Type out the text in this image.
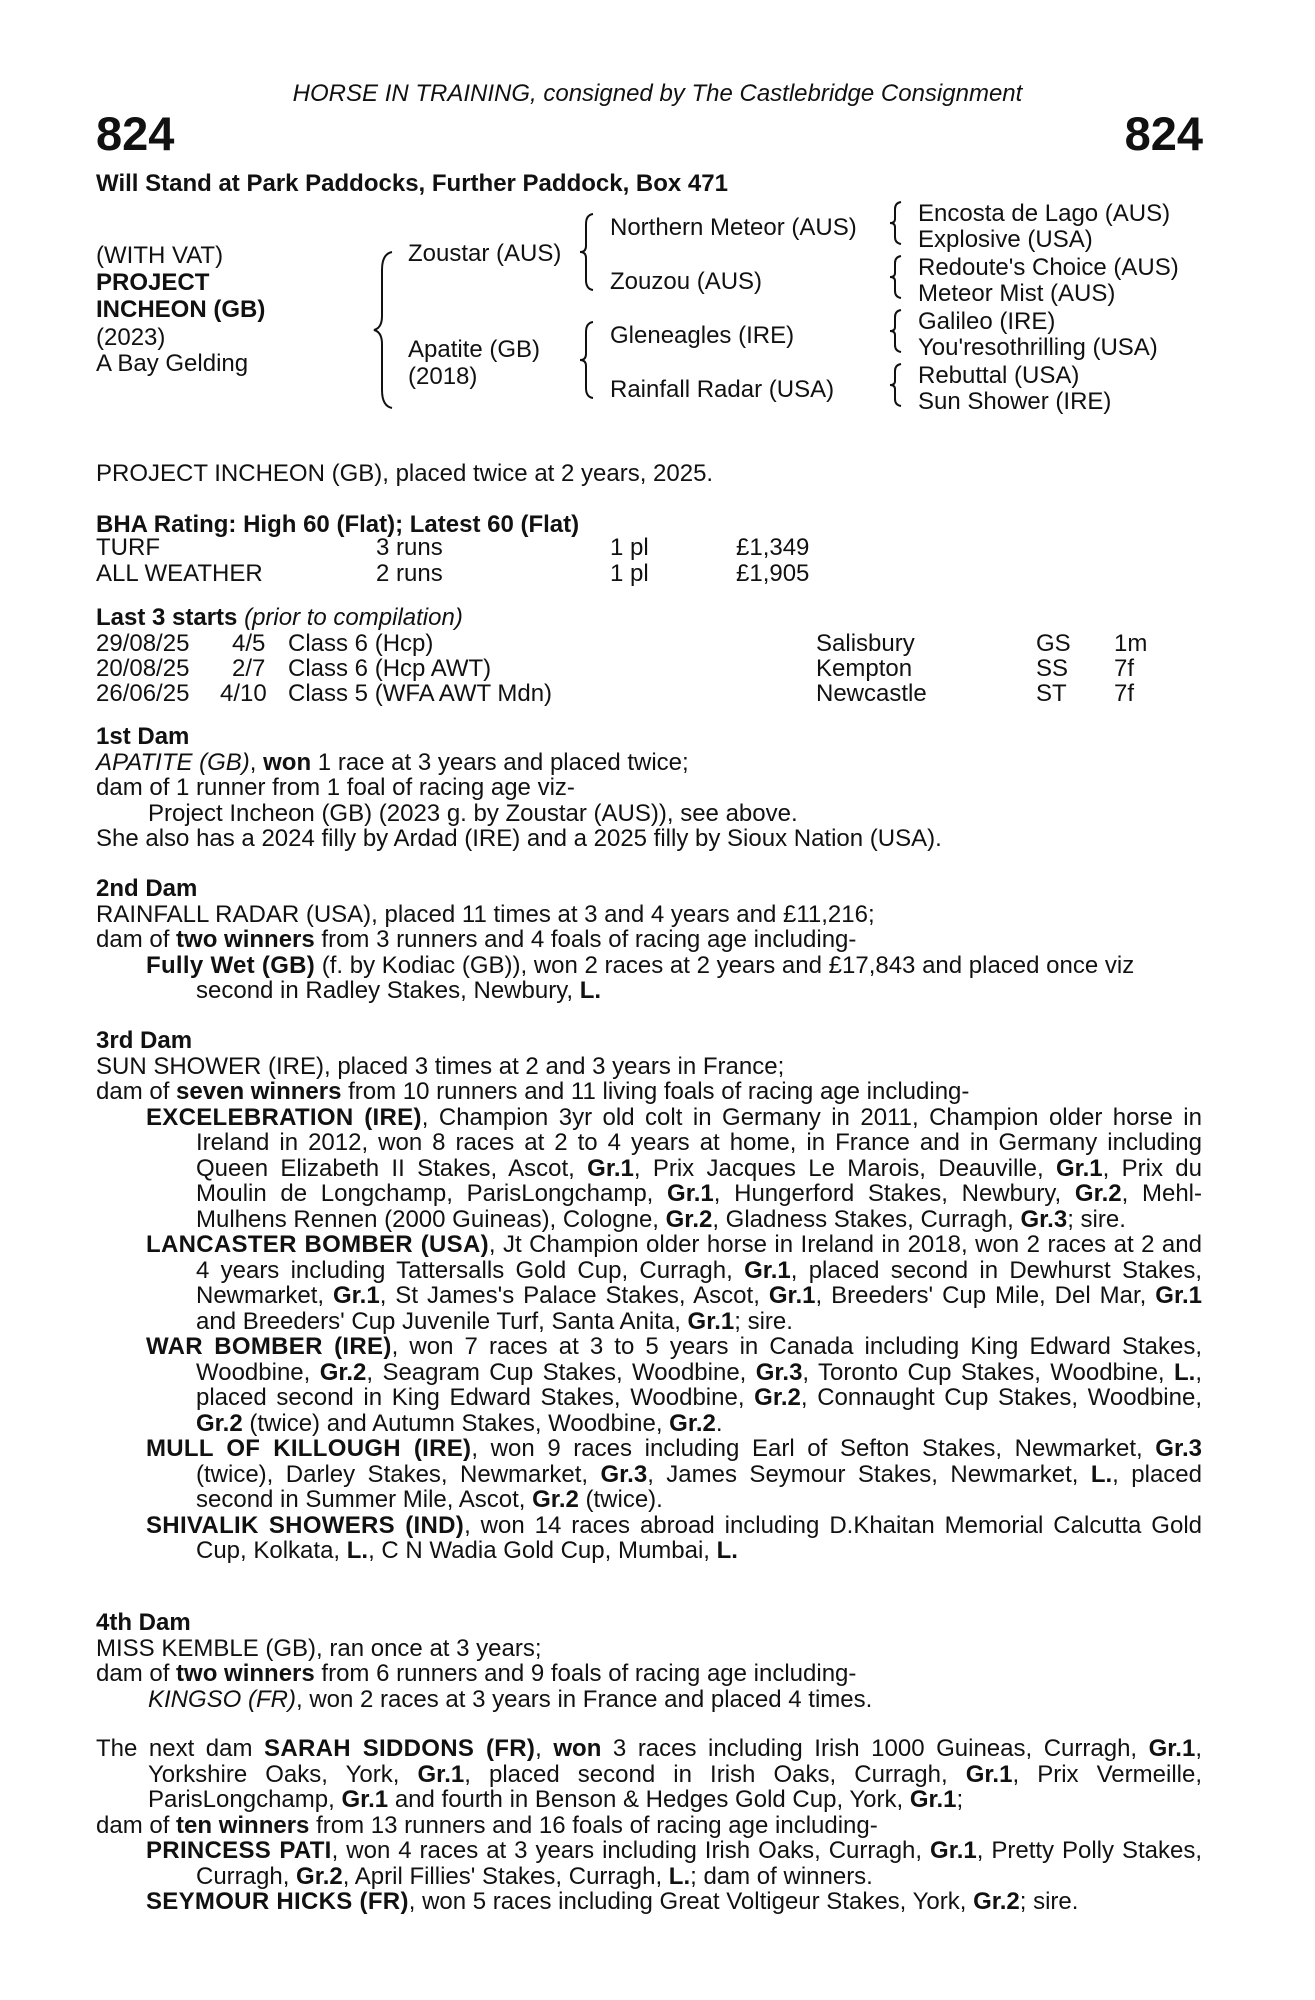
HORSE IN TRAINING, consigned by The Castlebridge Consignment
824	824
Will Stand at Park Paddocks, Further Paddock, Box 471
(WITH VAT)
PROJECT
INCHEON (GB)
(2023)
A Bay Gelding
Zoustar (AUS)
Apatite (GB)
(2018)
Northern Meteor (AUS)
Zouzou (AUS)
Gleneagles (IRE)
Rainfall Radar (USA)
Encosta de Lago (AUS)
Explosive (USA)
Redoute's Choice (AUS)
Meteor Mist (AUS)
Galileo (IRE)
You'resothrilling (USA)
Rebuttal (USA)
Sun Shower (IRE)
PROJECT INCHEON (GB), placed twice at 2 years, 2025.
BHA Rating: High 60 (Flat); Latest 60 (Flat)
TURF	3 runs	1 pl	£1,349
ALL WEATHER	2 runs	1 pl	£1,905
Last 3 starts (prior to compilation)
29/08/25 4/5 Class 6 (Hcp)	Salisbury	GS 1m
20/08/25 2/7 Class 6 (Hcp AWT)	Kempton	SS 7f
26/06/25 4/10 Class 5 (WFA AWT Mdn)	Newcastle	ST 7f
1st Dam
APATITE (GB), won 1 race at 3 years and placed twice;
dam of 1 runner from 1 foal of racing age viz-
Project Incheon (GB) (2023 g. by Zoustar (AUS)), see above.
She also has a 2024 filly by Ardad (IRE) and a 2025 filly by Sioux Nation (USA).
2nd Dam
RAINFALL RADAR (USA), placed 11 times at 3 and 4 years and £11,216;
dam of two winners from 3 runners and 4 foals of racing age including-
Fully Wet (GB) (f. by Kodiac (GB)), won 2 races at 2 years and £17,843 and placed once viz second in Radley Stakes, Newbury, L.
3rd Dam
SUN SHOWER (IRE), placed 3 times at 2 and 3 years in France;
dam of seven winners from 10 runners and 11 living foals of racing age including-
EXCELEBRATION (IRE), Champion 3yr old colt in Germany in 2011, Champion older horse in Ireland in 2012, won 8 races at 2 to 4 years at home, in France and in Germany including Queen Elizabeth II Stakes, Ascot, Gr.1, Prix Jacques Le Marois, Deauville, Gr.1, Prix du Moulin de Longchamp, ParisLongchamp, Gr.1, Hungerford Stakes, Newbury, Gr.2, Mehl-Mulhens Rennen (2000 Guineas), Cologne, Gr.2, Gladness Stakes, Curragh, Gr.3; sire.
LANCASTER BOMBER (USA), Jt Champion older horse in Ireland in 2018, won 2 races at 2 and 4 years including Tattersalls Gold Cup, Curragh, Gr.1, placed second in Dewhurst Stakes, Newmarket, Gr.1, St James's Palace Stakes, Ascot, Gr.1, Breeders' Cup Mile, Del Mar, Gr.1 and Breeders' Cup Juvenile Turf, Santa Anita, Gr.1; sire.
WAR BOMBER (IRE), won 7 races at 3 to 5 years in Canada including King Edward Stakes, Woodbine, Gr.2, Seagram Cup Stakes, Woodbine, Gr.3, Toronto Cup Stakes, Woodbine, L., placed second in King Edward Stakes, Woodbine, Gr.2, Connaught Cup Stakes, Woodbine, Gr.2 (twice) and Autumn Stakes, Woodbine, Gr.2.
MULL OF KILLOUGH (IRE), won 9 races including Earl of Sefton Stakes, Newmarket, Gr.3 (twice), Darley Stakes, Newmarket, Gr.3, James Seymour Stakes, Newmarket, L., placed second in Summer Mile, Ascot, Gr.2 (twice).
SHIVALIK SHOWERS (IND), won 14 races abroad including D.Khaitan Memorial Calcutta Gold Cup, Kolkata, L., C N Wadia Gold Cup, Mumbai, L.
4th Dam
MISS KEMBLE (GB), ran once at 3 years;
dam of two winners from 6 runners and 9 foals of racing age including-
KINGSO (FR), won 2 races at 3 years in France and placed 4 times.
The next dam SARAH SIDDONS (FR), won 3 races including Irish 1000 Guineas, Curragh, Gr.1, Yorkshire Oaks, York, Gr.1, placed second in Irish Oaks, Curragh, Gr.1, Prix Vermeille, ParisLongchamp, Gr.1 and fourth in Benson & Hedges Gold Cup, York, Gr.1;
dam of ten winners from 13 runners and 16 foals of racing age including-
PRINCESS PATI, won 4 races at 3 years including Irish Oaks, Curragh, Gr.1, Pretty Polly Stakes, Curragh, Gr.2, April Fillies' Stakes, Curragh, L.; dam of winners.
SEYMOUR HICKS (FR), won 5 races including Great Voltigeur Stakes, York, Gr.2; sire.
